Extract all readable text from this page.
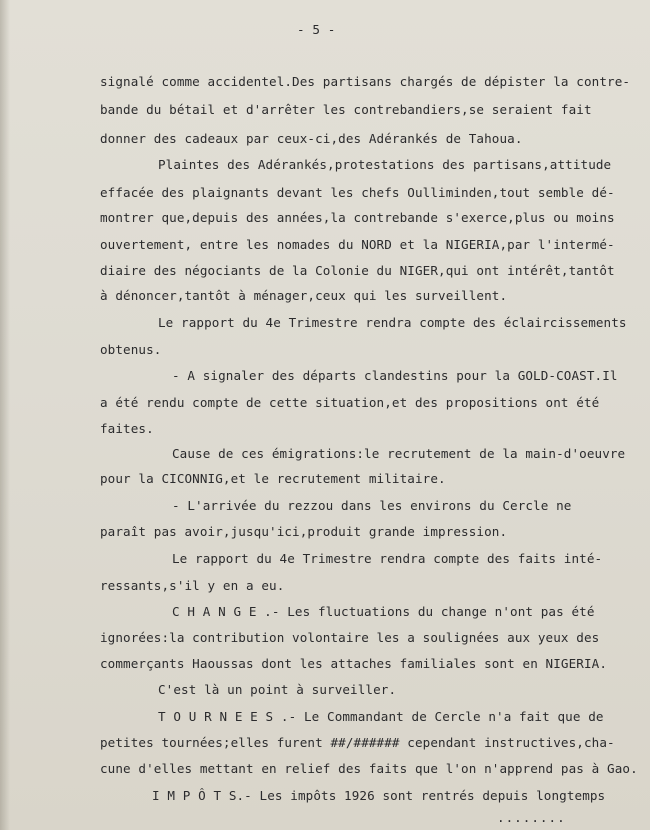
- 5 -
signalé comme accidentel.Des partisans chargés de dépister la contre-
bande du bétail et d'arrêter les contrebandiers,se seraient fait
donner des cadeaux par ceux-ci,des Adérankés de Tahoua.
Plaintes des Adérankés,protestations des partisans,attitude
effacée des plaignants devant les chefs Oulliminden,tout semble dé-
montrer que,depuis des années,la contrebande s'exerce,plus ou moins
ouvertement, entre les nomades du NORD et la NIGERIA,par l'intermé-
diaire des négociants de la Colonie du NIGER,qui ont intérêt,tantôt
à dénoncer,tantôt à ménager,ceux qui les surveillent.
Le rapport du 4e Trimestre rendra compte des éclaircissements
obtenus.
- A signaler des départs clandestins pour la GOLD-COAST.Il
a été rendu compte de cette situation,et des propositions ont été
faites.
Cause de ces émigrations:le recrutement de la main-d'oeuvre
pour la CICONNIG,et le recrutement militaire.
- L'arrivée du rezzou dans les environs du Cercle ne
paraît pas avoir,jusqu'ici,produit grande impression.
Le rapport du 4e Trimestre rendra compte des faits inté-
ressants,s'il y en a eu.
C H A N G E .- Les fluctuations du change n'ont pas été
ignorées:la contribution volontaire les a soulignées aux yeux des
commerçants Haoussas dont les attaches familiales sont en NIGERIA.
C'est là un point à surveiller.
T O U R N E E S .- Le Commandant de Cercle n'a fait que de
petites tournées;elles furent ##/###### cependant instructives,cha-
cune d'elles mettant en relief des faits que l'on n'apprend pas à Gao.
I M P Ô T S.- Les impôts 1926 sont rentrés depuis longtemps
........
